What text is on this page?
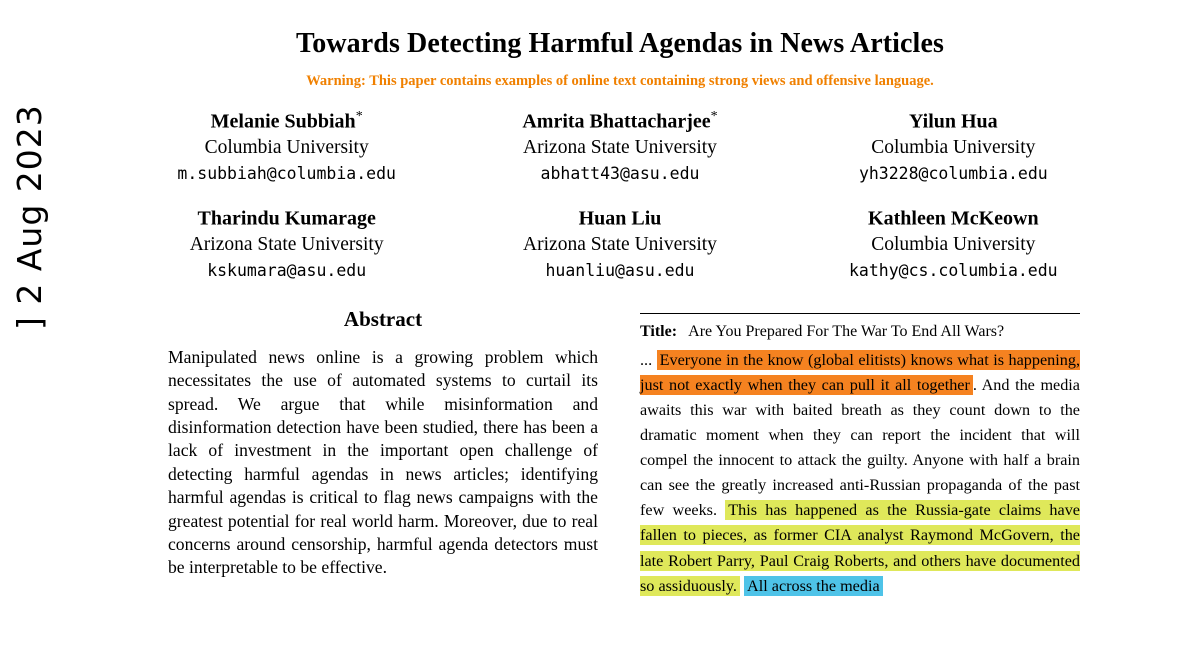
] 2 Aug 2023
Towards Detecting Harmful Agendas in News Articles
Warning: This paper contains examples of online text containing strong views and offensive language.
Melanie Subbiah*
Columbia University
m.subbiah@columbia.edu
Amrita Bhattacharjee*
Arizona State University
abhatt43@asu.edu
Yilun Hua
Columbia University
yh3228@columbia.edu
Tharindu Kumarage
Arizona State University
kskumara@asu.edu
Huan Liu
Arizona State University
huanliu@asu.edu
Kathleen McKeown
Columbia University
kathy@cs.columbia.edu
Abstract
Manipulated news online is a growing problem which necessitates the use of automated systems to curtail its spread. We argue that while misinformation and disinformation detection have been studied, there has been a lack of investment in the important open challenge of detecting harmful agendas in news articles; identifying harmful agendas is critical to flag news campaigns with the greatest potential for real world harm. Moreover, due to real concerns around censorship, harmful agenda detectors must be interpretable to be effective.
Title: Are You Prepared For The War To End All Wars?
... Everyone in the know (global elitists) knows what is happening, just not exactly when they can pull it all together . And the media awaits this war with baited breath as they count down to the dramatic moment when they can report the incident that will compel the innocent to attack the guilty. Anyone with half a brain can see the greatly increased anti-Russian propaganda of the past few weeks. This has happened as the Russia-gate claims have fallen to pieces, as former CIA analyst Raymond McGovern, the late Robert Parry, Paul Craig Roberts, and others have documented so assiduously. All across the media
